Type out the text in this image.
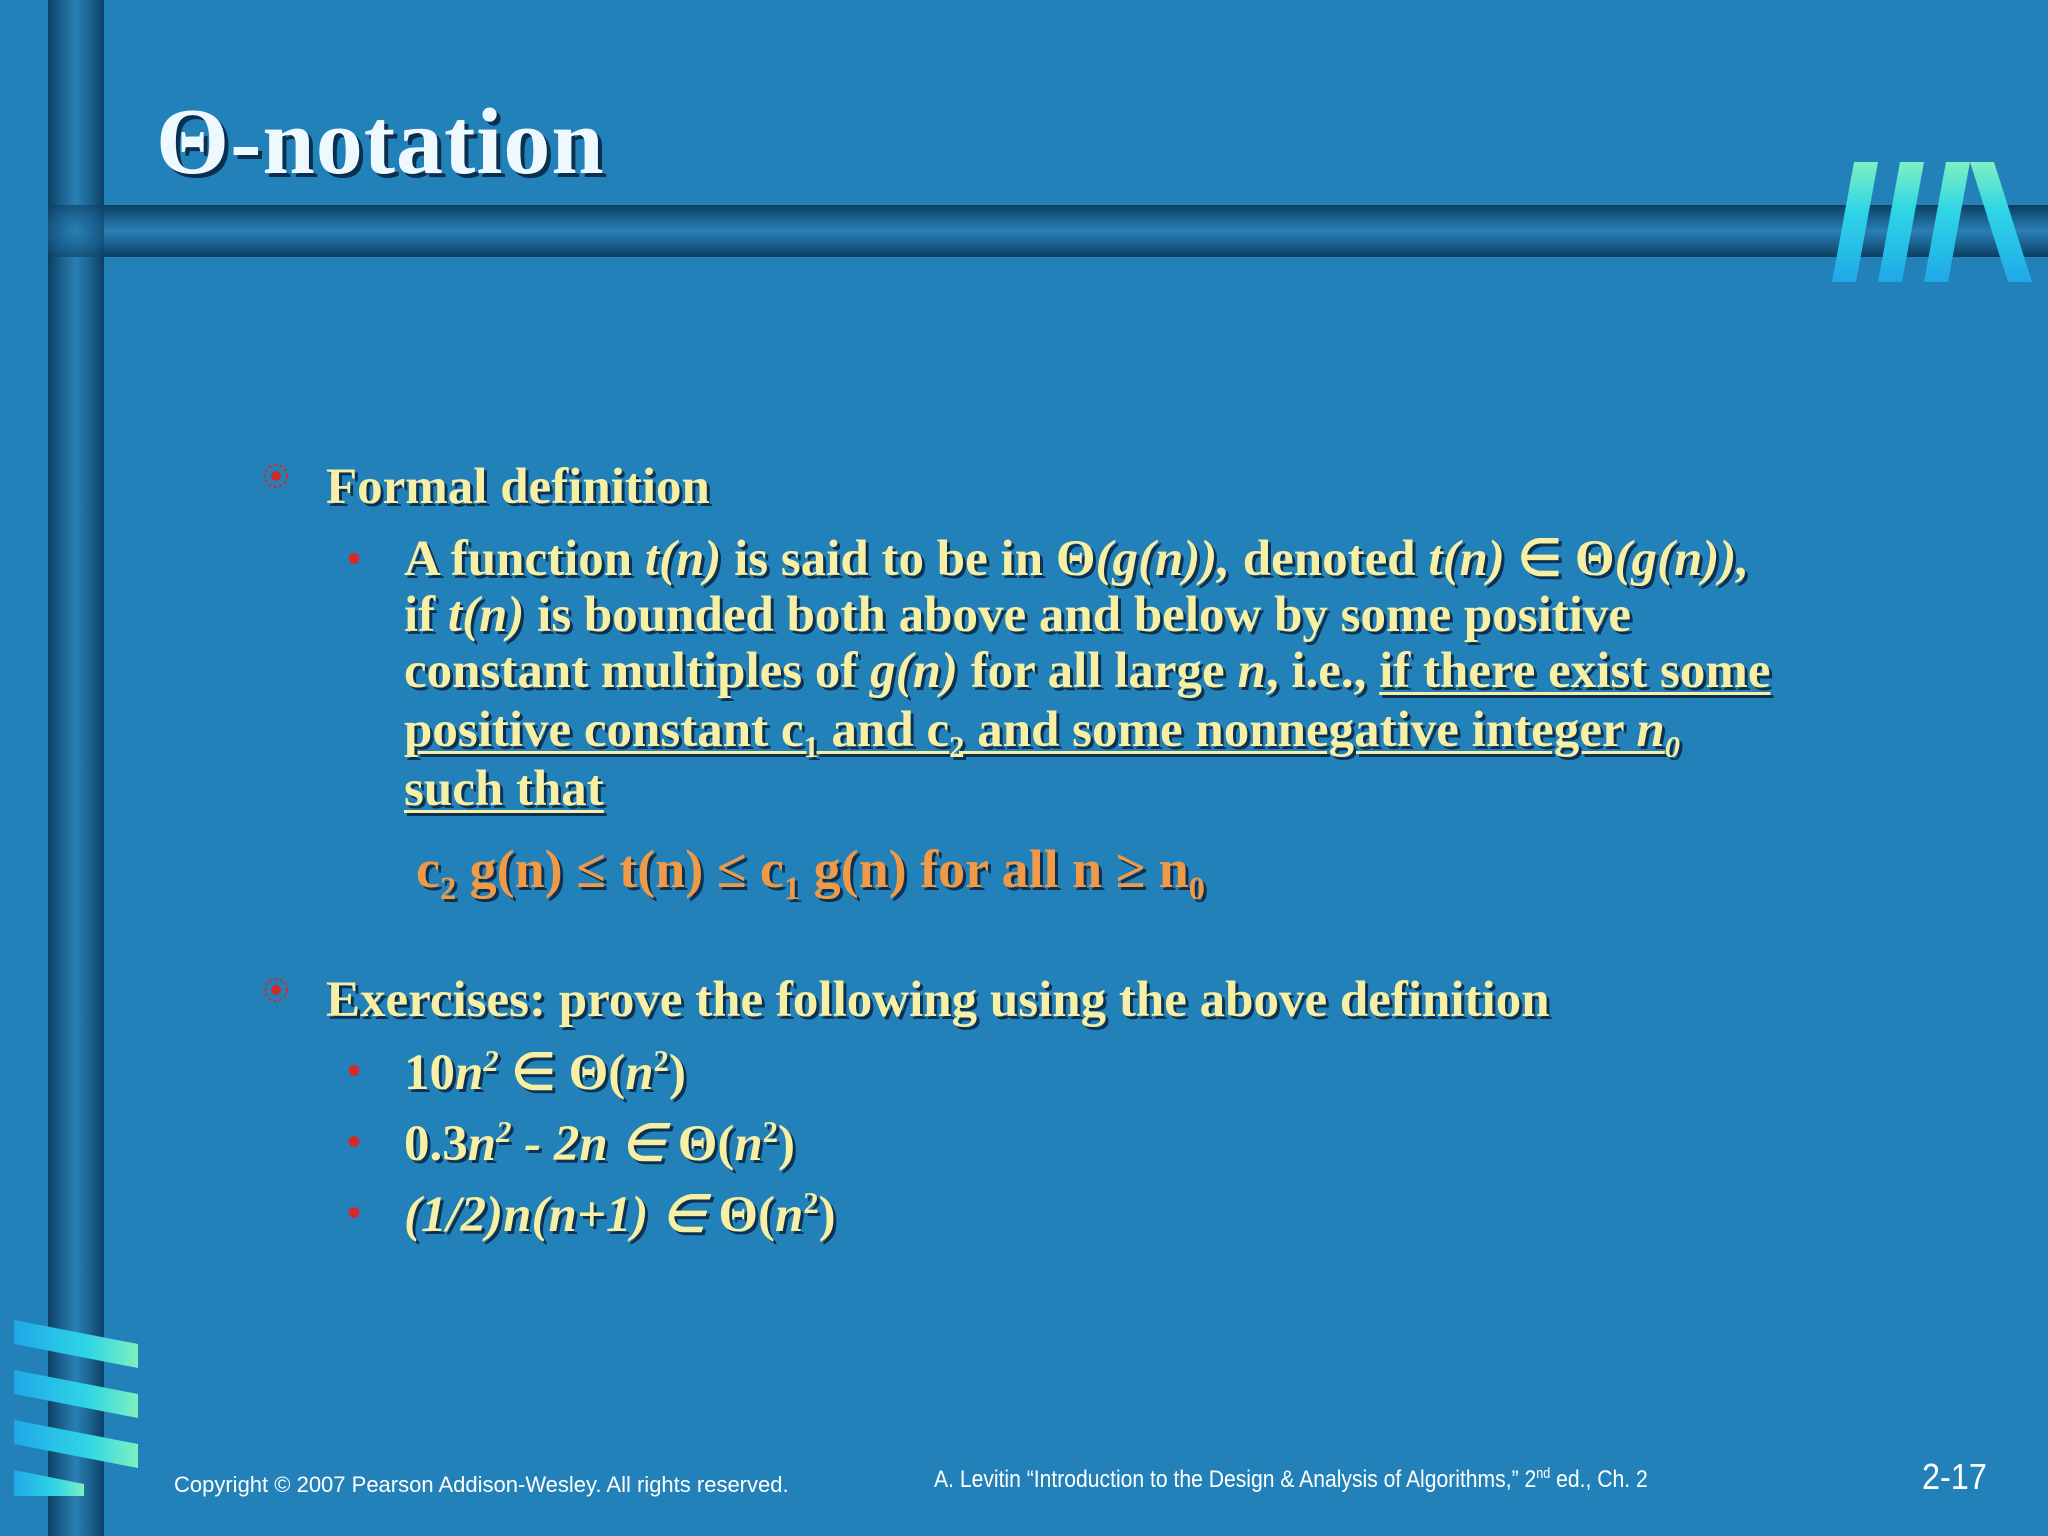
Θ-notation
Formal definition
• A function t(n) is said to be in Θ(g(n)), denoted t(n) ∈ Θ(g(n)),
if t(n) is bounded both above and below by some positive
constant multiples of g(n) for all large n, i.e., if there exist some
positive constant $c_1$ and $c_2$ and some nonnegative integer $n_0$
such that
$c_2$ $g(n) \le t(n) \le c_1$ g(n) for all $n \ge n_0$
Exercises: prove the following using the above definition
• $10n^2$ ∈ $\Theta(n^2)$
• $0.3n^2 - 2n$ ∈ $\Theta(n^2)$
• (1/2)n(n+1) ∈ $\Theta(n^2)$
Copyright © 2007 Pearson Addison-Wesley. All rights reserved.	A. Levitin “Introduction to the Design & Analysis of Algorithms,” 2nd ed., Ch. 2	2-17
